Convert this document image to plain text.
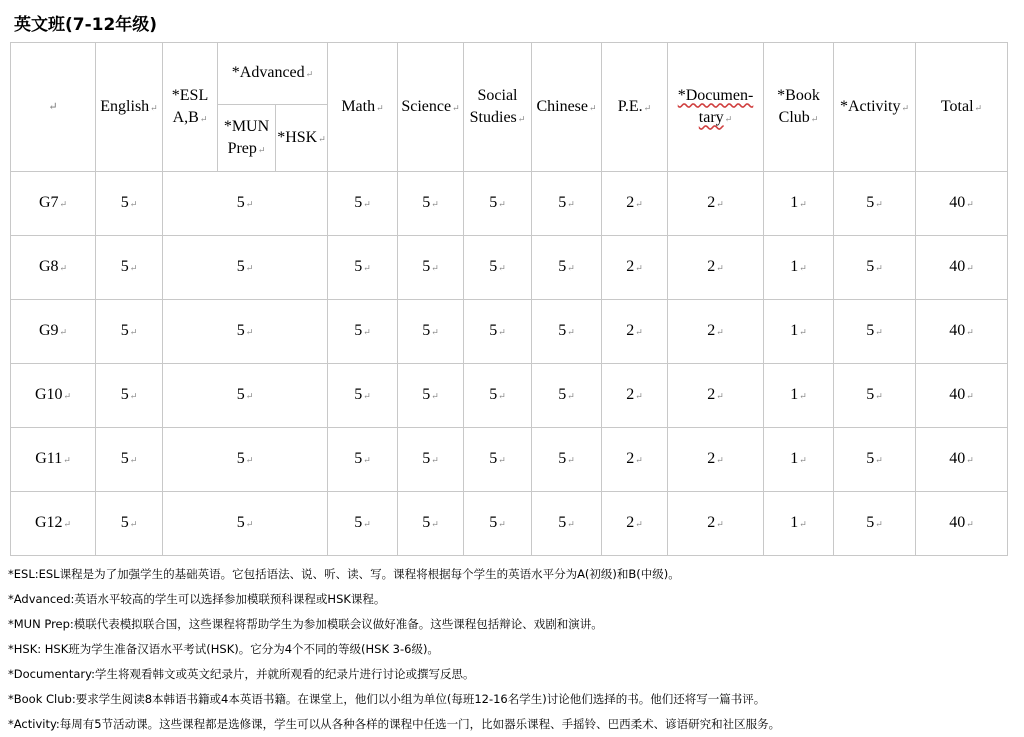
英文班(7-12年级)
↵	English↵	*ESL
A,B↵	*Advanced↵		Math↵	Science↵	Social
Studies↵	Chinese↵	P.E.↵	*Documen-
tary↵	*Book
Club↵	*Activity↵	Total↵
			*MUN
Prep↵	*HSK↵									
G7↵	5↵	5↵			5↵	5↵	5↵	5↵	2↵	2↵	1↵	5↵	40↵
G8↵	5↵	5↵			5↵	5↵	5↵	5↵	2↵	2↵	1↵	5↵	40↵
G9↵	5↵	5↵			5↵	5↵	5↵	5↵	2↵	2↵	1↵	5↵	40↵
G10↵	5↵	5↵			5↵	5↵	5↵	5↵	2↵	2↵	1↵	5↵	40↵
G11↵	5↵	5↵			5↵	5↵	5↵	5↵	2↵	2↵	1↵	5↵	40↵
G12↵	5↵	5↵			5↵	5↵	5↵	5↵	2↵	2↵	1↵	5↵	40↵
*ESL:ESL课程是为了加强学生的基础英语。它包括语法、说、听、读、写。课程将根据每个学生的英语水平分为A(初级)和B(中级)。
*Advanced:英语水平较高的学生可以选择参加模联预科课程或HSK课程。
*MUN Prep:模联代表模拟联合国，这些课程将帮助学生为参加模联会议做好准备。这些课程包括辩论、戏剧和演讲。
*HSK: HSK班为学生准备汉语水平考试(HSK)。它分为4个不同的等级(HSK 3-6级)。
*Documentary:学生将观看韩文或英文纪录片，并就所观看的纪录片进行讨论或撰写反思。
*Book Club:要求学生阅读8本韩语书籍或4本英语书籍。在课堂上，他们以小组为单位(每班12-16名学生)讨论他们选择的书。他们还将写一篇书评。
*Activity:每周有5节活动课。这些课程都是选修课，学生可以从各种各样的课程中任选一门，比如器乐课程、手摇铃、巴西柔术、谚语研究和社区服务。
